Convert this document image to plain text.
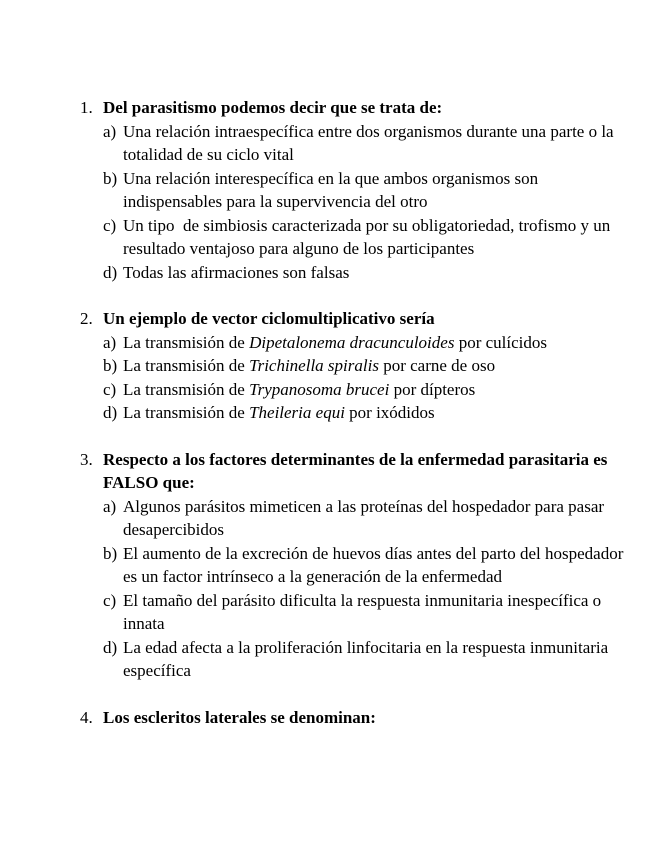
1. Del parasitismo podemos decir que se trata de:
a) Una relación intraespecífica entre dos organismos durante una parte o la totalidad de su ciclo vital
b) Una relación interespecífica en la que ambos organismos son indispensables para la supervivencia del otro
c) Un tipo  de simbiosis caracterizada por su obligatoriedad, trofismo y un resultado ventajoso para alguno de los participantes
d) Todas las afirmaciones son falsas
2. Un ejemplo de vector ciclomultiplicativo sería
a) La transmisión de Dipetalonema dracunculoides por culícidos
b) La transmisión de Trichinella spiralis por carne de oso
c) La transmisión de Trypanosoma brucei por dípteros
d) La transmisión de Theileria equi por ixódidos
3. Respecto a los factores determinantes de la enfermedad parasitaria es FALSO que:
a) Algunos parásitos mimeticen a las proteínas del hospedador para pasar desapercibidos
b) El aumento de la excreción de huevos días antes del parto del hospedador es un factor intrínseco a la generación de la enfermedad
c) El tamaño del parásito dificulta la respuesta inmunitaria inespecífica o innata
d) La edad afecta a la proliferación linfocitaria en la respuesta inmunitaria específica
4. Los escleritos laterales se denominan:
